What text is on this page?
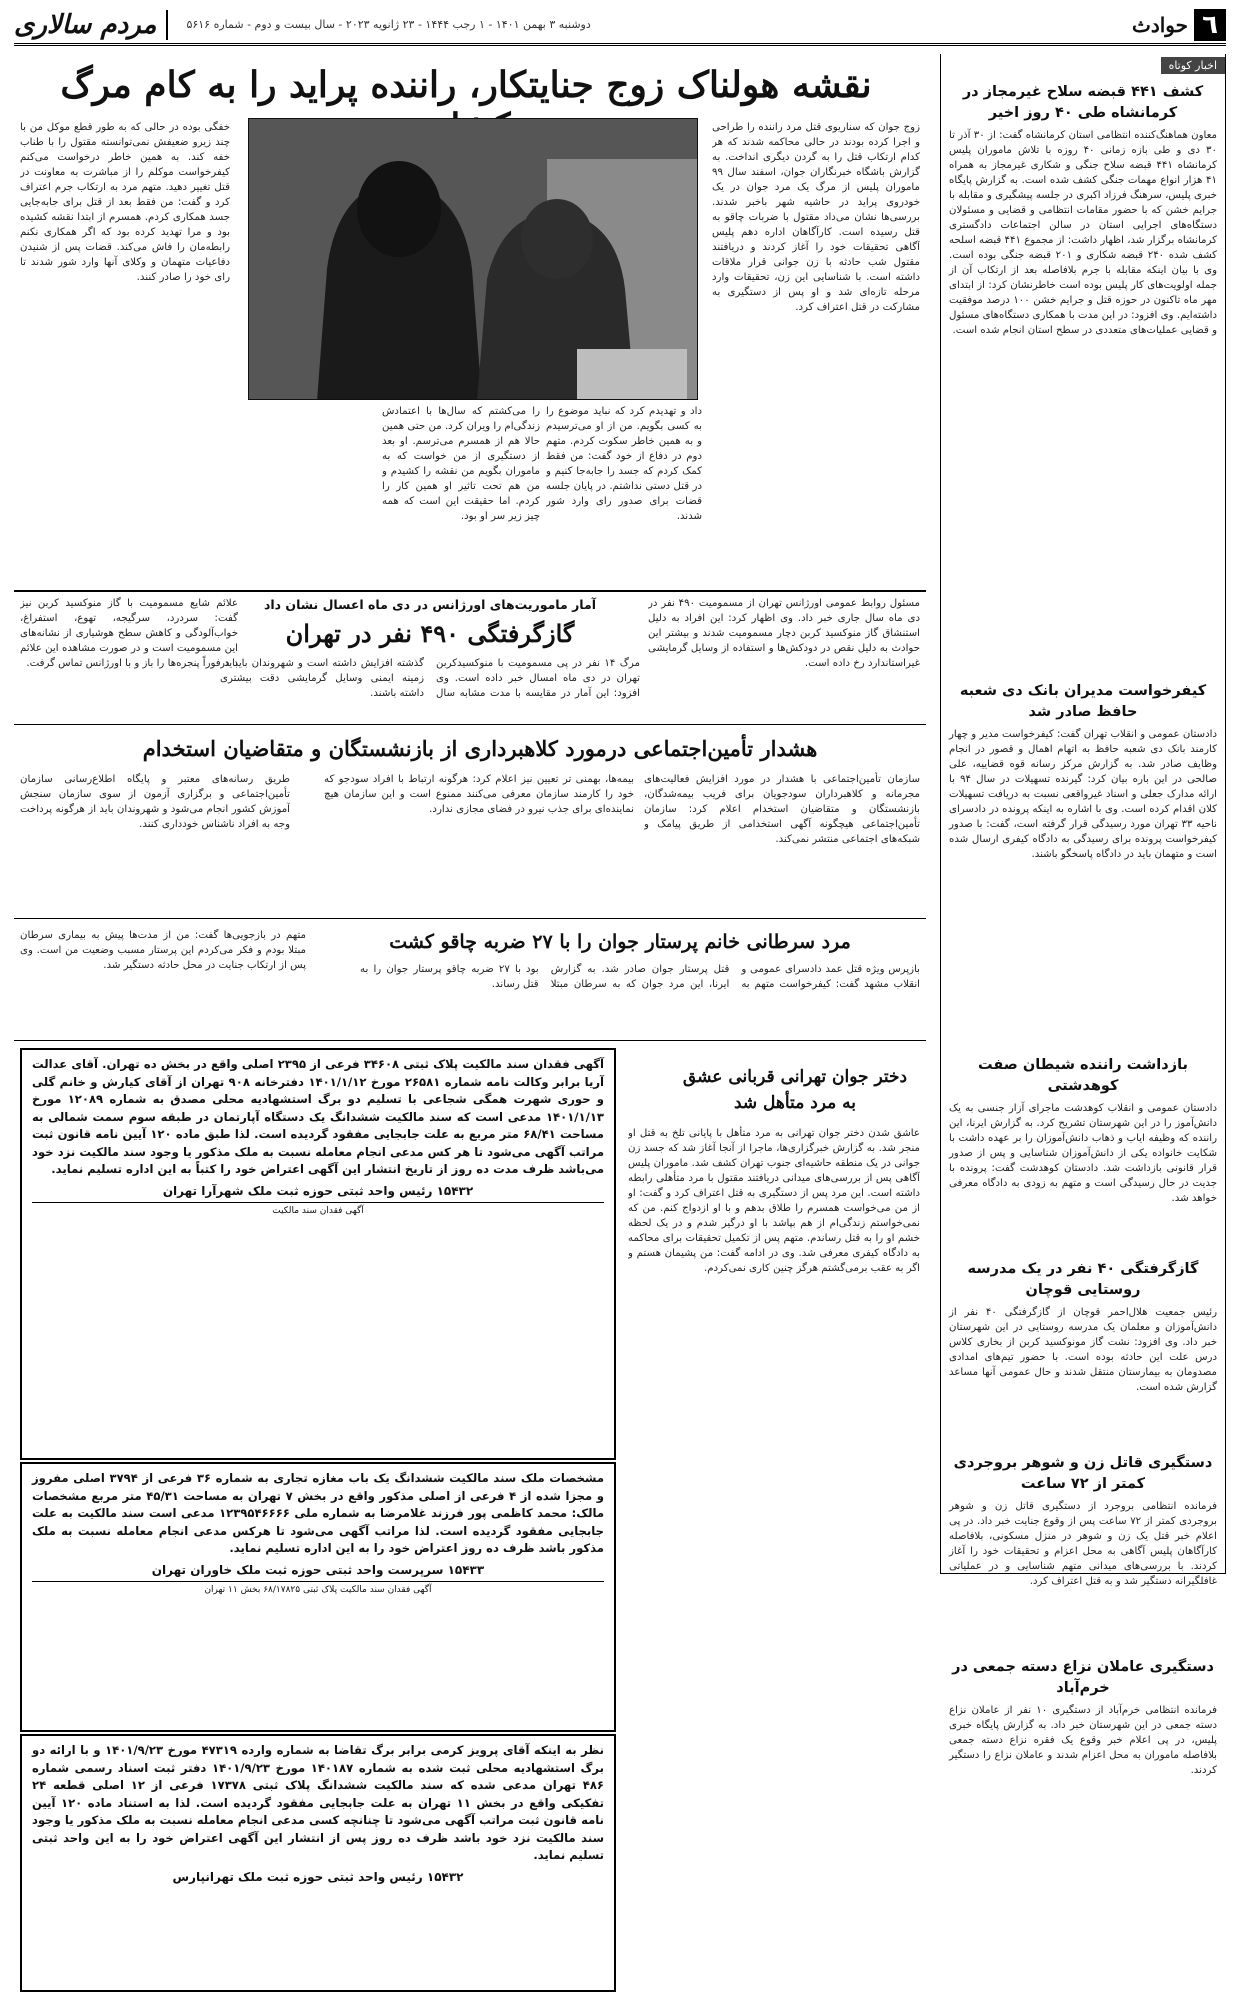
٦
حوادث
دوشنبه ۳ بهمن ۱۴۰۱ - ۱ رجب ۱۴۴۴ - ۲۳ ژانویه ۲۰۲۳ - سال بیست و دوم - شماره ۵۶۱۶
مردم سالاری
اخبار کوتاه
کشف ۴۴۱ قبضه سلاح غیرمجاز در کرمانشاه طی ۴۰ روز اخیر
معاون هماهنگ‌کننده انتظامی استان کرمانشاه گفت: از ۳۰ آذر تا ۳۰ دی و طی بازه زمانی ۴۰ روزه با تلاش ماموران پلیس کرمانشاه ۴۴۱ قبضه سلاح جنگی و شکاری غیرمجاز به همراه ۴۱ هزار انواع مهمات جنگی کشف شده است. به گزارش پایگاه خبری پلیس، سرهنگ فرزاد اکبری در جلسه پیشگیری و مقابله با جرایم خشن که با حضور مقامات انتظامی و قضایی و مسئولان دستگاه‌های اجرایی استان در سالن اجتماعات دادگستری کرمانشاه برگزار شد، اظهار داشت: از مجموع ۴۴۱ قبضه اسلحه کشف شده ۲۴۰ قبضه شکاری و ۲۰۱ قبضه جنگی بوده است. وی با بیان اینکه مقابله با جرم بلافاصله بعد از ارتکاب آن از جمله اولویت‌های کار پلیس بوده است خاطرنشان کرد: از ابتدای مهر ماه تاکنون در حوزه قتل و جرایم خشن ۱۰۰ درصد موفقیت داشته‌ایم. وی افزود: در این مدت با همکاری دستگاه‌های مسئول و قضایی عملیات‌های متعددی در سطح استان انجام شده است.
کیفرخواست مدیران بانک دی شعبه حافظ صادر شد
دادستان عمومی و انقلاب تهران گفت: کیفرخواست مدیر و چهار کارمند بانک دی شعبه حافظ به اتهام اهمال و قصور در انجام وظایف صادر شد. به گزارش مرکز رسانه قوه قضاییه، علی صالحی در این باره بیان کرد: گیرنده تسهیلات در سال ۹۴ با ارائه مدارک جعلی و اسناد غیرواقعی نسبت به دریافت تسهیلات کلان اقدام کرده است. وی با اشاره به اینکه پرونده در دادسرای ناحیه ۳۳ تهران مورد رسیدگی قرار گرفته است، گفت: با صدور کیفرخواست پرونده برای رسیدگی به دادگاه کیفری ارسال شده است و متهمان باید در دادگاه پاسخگو باشند.
بازداشت راننده شیطان صفت کوهدشتی
دادستان عمومی و انقلاب کوهدشت ماجرای آزار جنسی به یک دانش‌آموز را در این شهرستان تشریح کرد. به گزارش ایرنا، این راننده که وظیفه ایاب و ذهاب دانش‌آموزان را بر عهده داشت با شکایت خانواده یکی از دانش‌آموزان شناسایی و پس از صدور قرار قانونی بازداشت شد. دادستان کوهدشت گفت: پرونده با جدیت در حال رسیدگی است و متهم به زودی به دادگاه معرفی خواهد شد.
گازگرفتگی ۴۰ نفر در یک مدرسه روستایی قوچان
رئیس جمعیت هلال‌احمر قوچان از گازگرفتگی ۴۰ نفر از دانش‌آموزان و معلمان یک مدرسه روستایی در این شهرستان خبر داد. وی افزود: نشت گاز مونوکسید کربن از بخاری کلاس درس علت این حادثه بوده است. با حضور تیم‌های امدادی مصدومان به بیمارستان منتقل شدند و حال عمومی آنها مساعد گزارش شده است.
دستگیری قاتل زن و شوهر بروجردی کمتر از ۷۲ ساعت
فرمانده انتظامی بروجرد از دستگیری قاتل زن و شوهر بروجردی کمتر از ۷۲ ساعت پس از وقوع جنایت خبر داد. در پی اعلام خبر قتل یک زن و شوهر در منزل مسکونی، بلافاصله کارآگاهان پلیس آگاهی به محل اعزام و تحقیقات خود را آغاز کردند. با بررسی‌های میدانی متهم شناسایی و در عملیاتی غافلگیرانه دستگیر شد و به قتل اعتراف کرد.
دستگیری عاملان نزاع دسته جمعی در خرم‌آباد
فرمانده انتظامی خرم‌آباد از دستگیری ۱۰ نفر از عاملان نزاع دسته جمعی در این شهرستان خبر داد. به گزارش پایگاه خبری پلیس، در پی اعلام خبر وقوع یک فقره نزاع دسته جمعی بلافاصله ماموران به محل اعزام شدند و عاملان نزاع را دستگیر کردند.
نقشه هولناک زوج جنایتکار، راننده پراید را به کام مرگ
زوج جوان که سناریوی قتل مرد راننده را طراحی و اجرا کرده بودند در حالی محاکمه شدند که هر کدام ارتکاب قتل را به گردن دیگری انداخت. به گزارش باشگاه خبرنگاران جوان، اسفند سال ۹۹ ماموران پلیس از مرگ یک مرد جوان در یک خودروی پراید در حاشیه شهر باخبر شدند. بررسی‌ها نشان می‌داد مقتول با ضربات چاقو به قتل رسیده است. کارآگاهان اداره دهم پلیس آگاهی تحقیقات خود را آغاز کردند و دریافتند مقتول شب حادثه با زن جوانی قرار ملاقات داشته است. با شناسایی این زن، تحقیقات وارد مرحله تازه‌ای شد و او پس از دستگیری به مشارکت در قتل اعتراف کرد.
داد و تهدیدم کرد که نباید موضوع را به کسی بگویم. من از او می‌ترسیدم و به همین خاطر سکوت کردم. متهم دوم در دفاع از خود گفت: من فقط کمک کردم که جسد را جابه‌جا کنیم و در قتل دستی نداشتم. در پایان جلسه قضات برای صدور رای وارد شور شدند.
را می‌کشتم که سال‌ها با اعتمادش زندگی‌ام را ویران کرد. من حتی همین حالا هم از همسرم می‌ترسم. او بعد از دستگیری از من خواست که به ماموران بگویم من نقشه را کشیدم و من هم تحت تاثیر او همین کار را کردم. اما حقیقت این است که همه چیز زیر سر او بود.
خفگی بوده در حالی که به طور قطع موکل من با چند زیرو ضعیفش نمی‌توانسته مقتول را با طناب خفه کند. به همین خاطر درخواست می‌کنم کیفرخواست موکلم را از مباشرت به معاونت در قتل تغییر دهید. متهم مرد به ارتکاب جرم اعتراف کرد و گفت: من فقط بعد از قتل برای جابه‌جایی جسد همکاری کردم. همسرم از ابتدا نقشه کشیده بود و مرا تهدید کرده بود که اگر همکاری نکنم رابطه‌مان را فاش می‌کند. قضات پس از شنیدن دفاعیات متهمان و وکلای آنها وارد شور شدند تا رای خود را صادر کنند.
آمار ماموریت‌های اورژانس در دی ماه اعسال نشان داد
گازگرفتگی ۴۹۰ نفر در تهران
مسئول روابط عمومی اورژانس تهران از مسمومیت ۴۹۰ نفر در دی ماه سال جاری خبر داد. وی اظهار کرد: این افراد به دلیل استنشاق گاز منوکسید کربن دچار مسمومیت شدند و بیشتر این حوادث به دلیل نقص در دودکش‌ها و استفاده از وسایل گرمایشی غیراستاندارد رخ داده است.
مرگ ۱۴ نفر در پی مسمومیت با منوکسیدکربن تهران در دی ماه امسال خبر داده است. وی افزود: این آمار در مقایسه با مدت مشابه سال گذشته افزایش داشته است و شهروندان باید در زمینه ایمنی وسایل گرمایشی دقت بیشتری داشته باشند.
علائم شایع مسمومیت با گاز منوکسید کربن نیز گفت: سردرد، سرگیجه، تهوع، استفراغ، خواب‌آلودگی و کاهش سطح هوشیاری از نشانه‌های این مسمومیت است و در صورت مشاهده این علائم باید فوراً پنجره‌ها را باز و با اورژانس تماس گرفت.
هشدار تأمین‌اجتماعی درمورد کلاهبرداری از بازنشستگان و متقاضیان استخدام
سازمان تأمین‌اجتماعی با هشدار در مورد افزایش فعالیت‌های مجرمانه و کلاهبرداران سودجویان برای فریب بیمه‌شدگان، بازنشستگان و متقاضیان استخدام اعلام کرد: سازمان تأمین‌اجتماعی هیچگونه آگهی استخدامی از طریق پیامک و شبکه‌های اجتماعی منتشر نمی‌کند.
بیمه‌ها، بهمنی تر تعیین نیز اعلام کرد: هرگونه ارتباط با افراد سودجو که خود را کارمند سازمان معرفی می‌کنند ممنوع است و این سازمان هیچ نماینده‌ای برای جذب نیرو در فضای مجازی ندارد.
طریق رسانه‌های معتبر و پایگاه اطلاع‌رسانی سازمان تأمین‌اجتماعی و برگزاری آزمون از سوی سازمان سنجش آموزش کشور انجام می‌شود و شهروندان باید از هرگونه پرداخت وجه به افراد ناشناس خودداری کنند.
مرد سرطانی خانم پرستار جوان را با ۲۷ ضربه چاقو کشت
بازپرس ویژه قتل عمد دادسرای عمومی و انقلاب مشهد گفت: کیفرخواست متهم به قتل پرستار جوان صادر شد. به گزارش ایرنا، این مرد جوان که به سرطان مبتلا بود با ۲۷ ضربه چاقو پرستار جوان را به قتل رساند.
متهم در بازجویی‌ها گفت: من از مدت‌ها پیش به بیماری سرطان مبتلا بودم و فکر می‌کردم این پرستار مسبب وضعیت من است. وی پس از ارتکاب جنایت در محل حادثه دستگیر شد.
دختر جوان تهرانی قربانی عشق به مرد متأهل شد
عاشق شدن دختر جوان تهرانی به مرد متأهل با پایانی تلخ به قتل او منجر شد. به گزارش خبرگزاری‌ها، ماجرا از آنجا آغاز شد که جسد زن جوانی در یک منطقه حاشیه‌ای جنوب تهران کشف شد. ماموران پلیس آگاهی پس از بررسی‌های میدانی دریافتند مقتول با مرد متأهلی رابطه داشته است. این مرد پس از دستگیری به قتل اعتراف کرد و گفت: او از من می‌خواست همسرم را طلاق بدهم و با او ازدواج کنم. من که نمی‌خواستم زندگی‌ام از هم بپاشد با او درگیر شدم و در یک لحظه خشم او را به قتل رساندم. متهم پس از تکمیل تحقیقات برای محاکمه به دادگاه کیفری معرفی شد. وی در ادامه گفت: من پشیمان هستم و اگر به عقب برمی‌گشتم هرگز چنین کاری نمی‌کردم.
آگهی فقدان سند مالکیت پلاک ثبتی ۳۴۶۰۸ فرعی از ۲۳۹۵ اصلی واقع در بخش ده تهران. آقای عدالت آریا برابر وکالت نامه شماره ۲۶۵۸۱ مورخ ۱۴۰۱/۱/۱۲ دفترخانه ۹۰۸ تهران از آقای کیارش و خانم گلی و حوری شهرت همگی شجاعی با تسلیم دو برگ استشهادیه محلی مصدق به شماره ۱۲۰۸۹ مورخ ۱۴۰۱/۱/۱۳ مدعی است که سند مالکیت ششدانگ یک دستگاه آپارتمان در طبقه سوم سمت شمالی به مساحت ۶۸/۴۱ متر مربع به علت جابجایی مفقود گردیده است. لذا طبق ماده ۱۲۰ آیین نامه قانون ثبت مراتب آگهی می‌شود تا هر کس مدعی انجام معامله نسبت به ملک مذکور یا وجود سند مالکیت نزد خود می‌باشد ظرف مدت ده روز از تاریخ انتشار این آگهی اعتراض خود را کتباً به این اداره تسلیم نماید.
۱۵۴۳۲ رئیس واحد ثبتی حوزه ثبت ملک شهرآرا تهران
آگهی فقدان سند مالکیت
مشخصات ملک سند مالکیت ششدانگ یک باب مغازه تجاری به شماره ۳۶ فرعی از ۳۷۹۴ اصلی مفروز و مجزا شده از ۴ فرعی از اصلی مذکور واقع در بخش ۷ تهران به مساحت ۴۵/۳۱ متر مربع مشخصات مالک: محمد کاظمی پور فرزند غلامرضا به شماره ملی ۱۲۳۹۵۴۶۶۶۶ مدعی است سند مالکیت به علت جابجایی مفقود گردیده است. لذا مراتب آگهی می‌شود تا هرکس مدعی انجام معامله نسبت به ملک مذکور باشد ظرف ده روز اعتراض خود را به این اداره تسلیم نماید.
۱۵۴۳۳ سرپرست واحد ثبتی حوزه ثبت ملک خاوران تهران
آگهی فقدان سند مالکیت پلاک ثبتی ۶۸/۱۷۸۲۵ بخش ۱۱ تهران
نظر به اینکه آقای پرویز کرمی برابر برگ تقاضا به شماره وارده ۴۷۳۱۹ مورخ ۱۴۰۱/۹/۲۳ و با ارائه دو برگ استشهادیه محلی ثبت شده به شماره ۱۴۰۱۸۷ مورخ ۱۴۰۱/۹/۲۳ دفتر ثبت اسناد رسمی شماره ۴۸۶ تهران مدعی شده که سند مالکیت ششدانگ پلاک ثبتی ۱۷۳۷۸ فرعی از ۱۲ اصلی قطعه ۲۴ تفکیکی واقع در بخش ۱۱ تهران به علت جابجایی مفقود گردیده است. لذا به استناد ماده ۱۲۰ آیین نامه قانون ثبت مراتب آگهی می‌شود تا چنانچه کسی مدعی انجام معامله نسبت به ملک مذکور یا وجود سند مالکیت نزد خود باشد ظرف ده روز پس از انتشار این آگهی اعتراض خود را به این واحد ثبتی تسلیم نماید.
۱۵۴۳۲ رئیس واحد ثبتی حوزه ثبت ملک تهرانپارس
